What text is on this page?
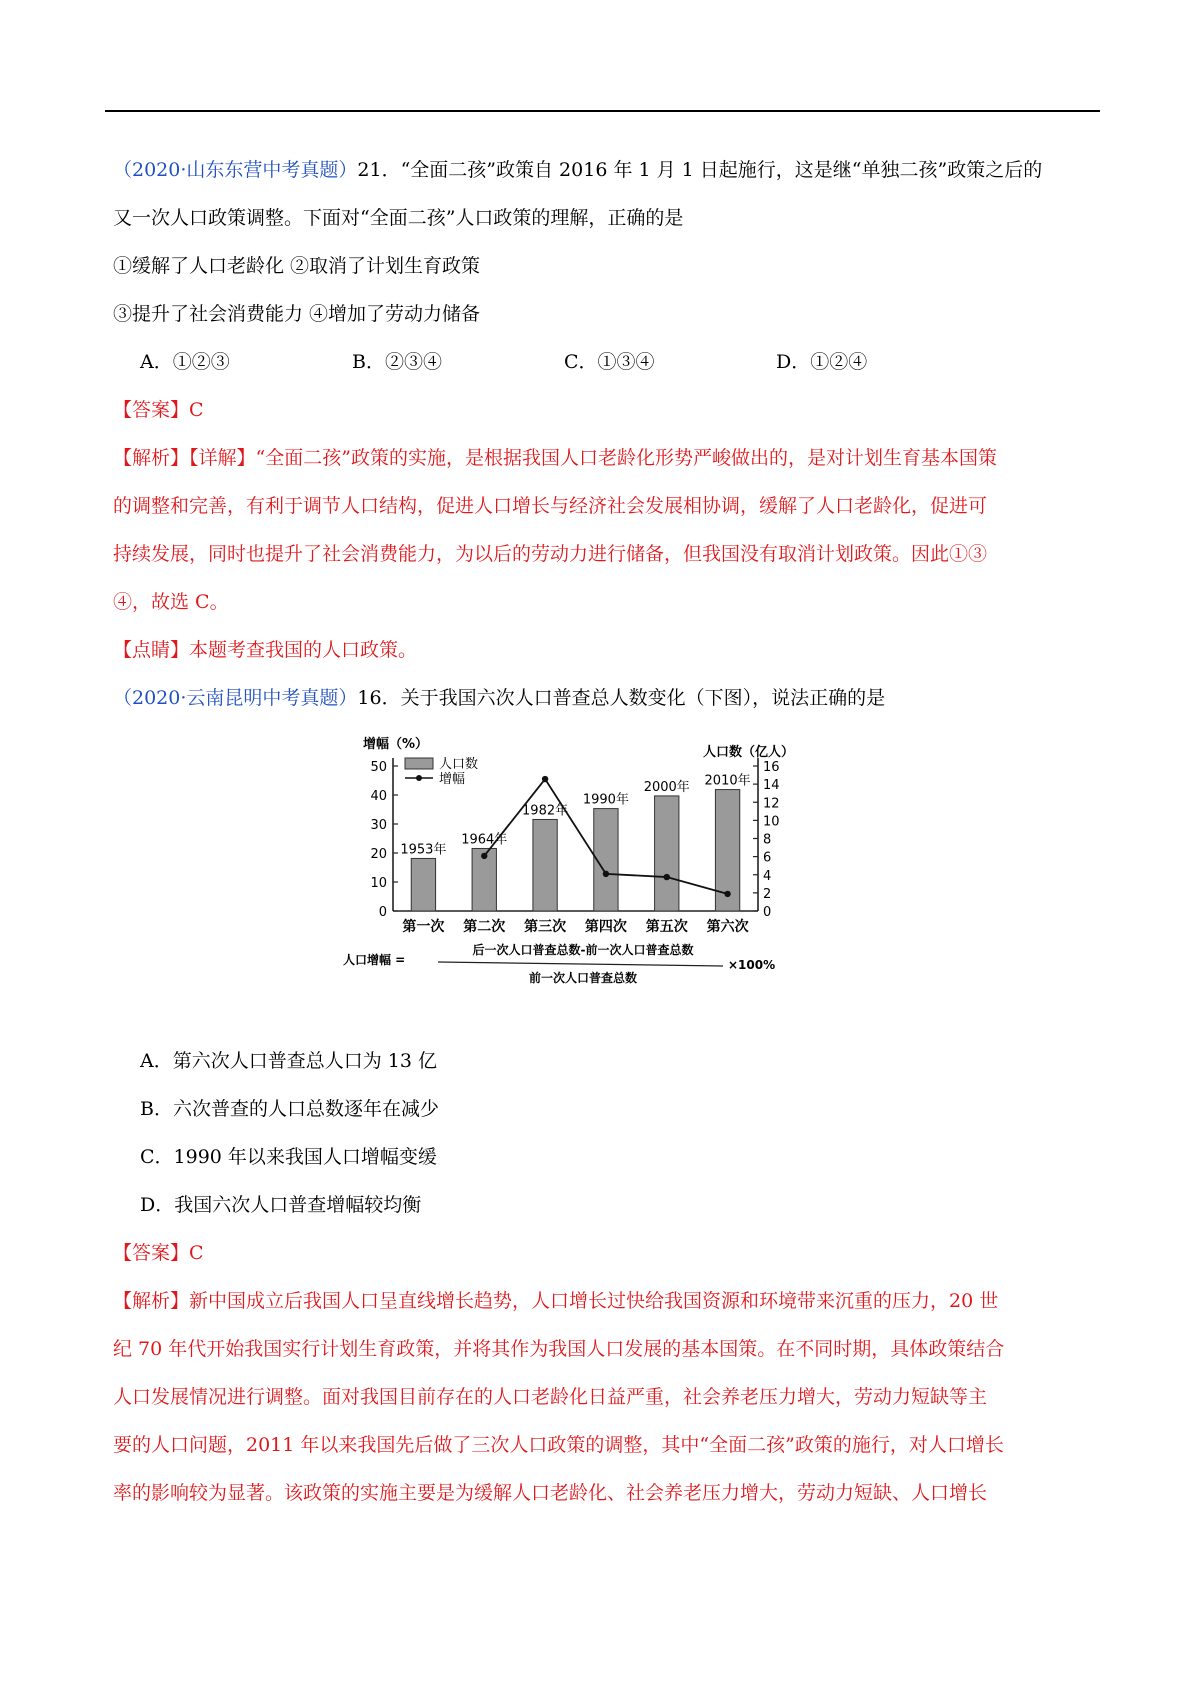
（2020·山东东营中考真题）21．“全面二孩”政策自 2016 年 1 月 1 日起施行，这是继“单独二孩”政策之后的

又一次人口政策调整。下面对“全面二孩”人口政策的理解，正确的是

①缓解了人口老龄化 ②取消了计划生育政策

③提升了社会消费能力 ④增加了劳动力储备

A．①②③	B．②③④	C．①③④	D．①②④

【答案】C

【解析】【详解】“全面二孩”政策的实施，是根据我国人口老龄化形势严峻做出的，是对计划生育基本国策

的调整和完善，有利于调节人口结构，促进人口增长与经济社会发展相协调，缓解了人口老龄化，促进可

持续发展，同时也提升了社会消费能力，为以后的劳动力进行储备，但我国没有取消计划政策。因此①③

④，故选 C。

【点睛】本题考查我国的人口政策。

（2020·云南昆明中考真题）16．关于我国六次人口普查总人数变化（下图），说法正确的是

增幅（%）
人口数（亿人）
0
10
20
30
40
50
0
2
4
6
8
10
12
14
16
1953年
1964年
1982年
1990年
2000年 2010年
第一次 第二次 第三次 第四次 第五次 第六次
人口数
增幅
人口增幅 =
后一次人口普查总数-前一次人口普查总数
前一次人口普查总数
×100%

A．第六次人口普查总人口为 13 亿

B．六次普查的人口总数逐年在减少

C．1990 年以来我国人口增幅变缓

D．我国六次人口普查增幅较均衡

【答案】C

【解析】新中国成立后我国人口呈直线增长趋势，人口增长过快给我国资源和环境带来沉重的压力，20 世

纪 70 年代开始我国实行计划生育政策，并将其作为我国人口发展的基本国策。在不同时期，具体政策结合

人口发展情况进行调整。面对我国目前存在的人口老龄化日益严重，社会养老压力增大，劳动力短缺等主

要的人口问题，2011 年以来我国先后做了三次人口政策的调整，其中“全面二孩”政策的施行，对人口增长

率的影响较为显著。该政策的实施主要是为缓解人口老龄化、社会养老压力增大，劳动力短缺、人口增长
